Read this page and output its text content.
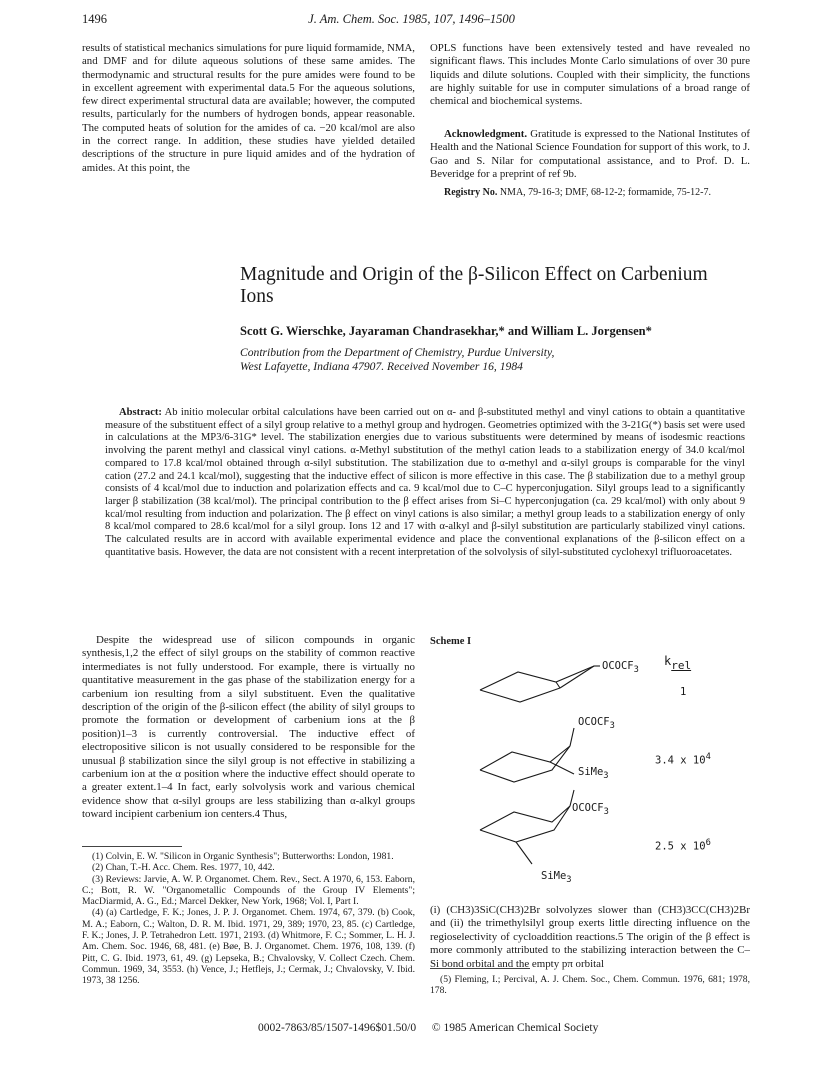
1496	J. Am. Chem. Soc. 1985, 107, 1496–1500
results of statistical mechanics simulations for pure liquid formamide, NMA, and DMF and for dilute aqueous solutions of these same amides. The thermodynamic and structural results for the pure amides were found to be in excellent agreement with experimental data.5 For the aqueous solutions, few direct experimental structural data are available; however, the computed results, particularly for the numbers of hydrogen bonds, appear reasonable. The computed heats of solution for the amides of ca. −20 kcal/mol are also in the correct range. In addition, these studies have yielded detailed descriptions of the structure in pure liquid amides and of the hydration of amides. At this point, the
OPLS functions have been extensively tested and have revealed no significant flaws. This includes Monte Carlo simulations of over 30 pure liquids and dilute solutions. Coupled with their simplicity, the functions are highly suitable for use in computer simulations of a broad range of chemical and biochemical systems.
Acknowledgment. Gratitude is expressed to the National Institutes of Health and the National Science Foundation for support of this work, to J. Gao and S. Nilar for computational assistance, and to Prof. D. L. Beveridge for a preprint of ref 9b.
Registry No. NMA, 79-16-3; DMF, 68-12-2; formamide, 75-12-7.
Magnitude and Origin of the β-Silicon Effect on Carbenium
Ions
Scott G. Wierschke, Jayaraman Chandrasekhar,* and William L. Jorgensen*
Contribution from the Department of Chemistry, Purdue University,
West Lafayette, Indiana 47907. Received November 16, 1984
Abstract: Ab initio molecular orbital calculations have been carried out on α- and β-substituted methyl and vinyl cations to obtain a quantitative measure of the substituent effect of a silyl group relative to a methyl group and hydrogen. Geometries optimized with the 3-21G(*) basis set were used in calculations at the MP3/6-31G* level. The stabilization energies due to various substituents were determined by means of isodesmic reactions involving the parent methyl and classical vinyl cations. α-Methyl substitution of the methyl cation leads to a stabilization energy of 34.0 kcal/mol compared to 17.8 kcal/mol obtained through α-silyl substitution. The stabilization due to α-methyl and α-silyl groups is comparable for the vinyl cation (27.2 and 24.1 kcal/mol), suggesting that the inductive effect of silicon is more effective in this case. The β stabilization due to a methyl group consists of 4 kcal/mol due to induction and polarization effects and ca. 9 kcal/mol due to C–C hyperconjugation. Silyl groups lead to a significantly larger β stabilization (38 kcal/mol). The principal contribution to the β effect arises from Si–C hyperconjugation (ca. 29 kcal/mol) with only about 9 kcal/mol resulting from induction and polarization. The β effect on vinyl cations is also similar; a methyl group leads to a stabilization energy of only 8 kcal/mol compared to 28.6 kcal/mol for a silyl group. Ions 12 and 17 with α-alkyl and β-silyl substitution are particularly stabilized vinyl cations. The calculated results are in accord with available experimental evidence and place the conventional explanations of the β-silicon effect on a quantitative basis. However, the data are not consistent with a recent interpretation of the solvolysis of silyl-substituted cyclohexyl trifluoroacetates.
Despite the widespread use of silicon compounds in organic synthesis,1,2 the effect of silyl groups on the stability of common reactive intermediates is not fully understood. For example, there is virtually no quantitative measurement in the gas phase of the stabilization energy for a carbenium ion resulting from a silyl substituent. Even the qualitative description of the origin of the β-silicon effect (the ability of silyl groups to promote the formation or development of carbenium ions at the β position)1–3 is currently controversial. The inductive effect of electropositive silicon is not usually considered to be responsible for the unusual β stabilization since the silyl group is not effective in stabilizing a carbenium ion at the α position where the inductive effect should operate to a greater extent.1–4 In fact, early solvolysis work and various chemical evidence show that α-silyl groups are less stabilizing than α-alkyl groups toward incipient carbenium ion centers.4 Thus,
Scheme I
$k_{rel}$
$OCOCF_3$
1
$OCOCF_3$
SiMe$_3$
3.4 x $10^4$
$OCOCF_3$
SiMe$_3$
2.5 x $10^6$
(i) (CH3)3SiC(CH3)2Br solvolyzes slower than (CH3)3CC(CH3)2Br and (ii) the trimethylsilyl group exerts little directing influence on the regioselectivity of cycloaddition reactions.5 The origin of the β effect is more commonly attributed to the stabilizing interaction between the C–Si bond orbital and the empty pπ orbital
(1) Colvin, E. W. "Silicon in Organic Synthesis"; Butterworths: London, 1981.
(2) Chan, T.-H. Acc. Chem. Res. 1977, 10, 442.
(3) Reviews: Jarvie, A. W. P. Organomet. Chem. Rev., Sect. A 1970, 6, 153. Eaborn, C.; Bott, R. W. "Organometallic Compounds of the Group IV Elements"; MacDiarmid, A. G., Ed.; Marcel Dekker, New York, 1968; Vol. I, Part I.
(4) (a) Cartledge, F. K.; Jones, J. P. J. Organomet. Chem. 1974, 67, 379. (b) Cook, M. A.; Eaborn, C.; Walton, D. R. M. Ibid. 1971, 29, 389; 1970, 23, 85. (c) Cartledge, F. K.; Jones, J. P. Tetrahedron Lett. 1971, 2193. (d) Whitmore, F. C.; Sommer, L. H. J. Am. Chem. Soc. 1946, 68, 481. (e) Bøe, B. J. Organomet. Chem. 1976, 108, 139. (f) Pitt, C. G. Ibid. 1973, 61, 49. (g) Lepseka, B.; Chvalovsky, V. Collect Czech. Chem. Commun. 1969, 34, 3553. (h) Vence, J.; Hetflejs, J.; Cermak, J.; Chvalovsky, V. Ibid. 1973, 38 1256.	(5) Fleming, I.; Percival, A. J. Chem. Soc., Chem. Commun. 1976, 681; 1978, 178.
0002-7863/85/1507-1496$01.50/0 © 1985 American Chemical Society
